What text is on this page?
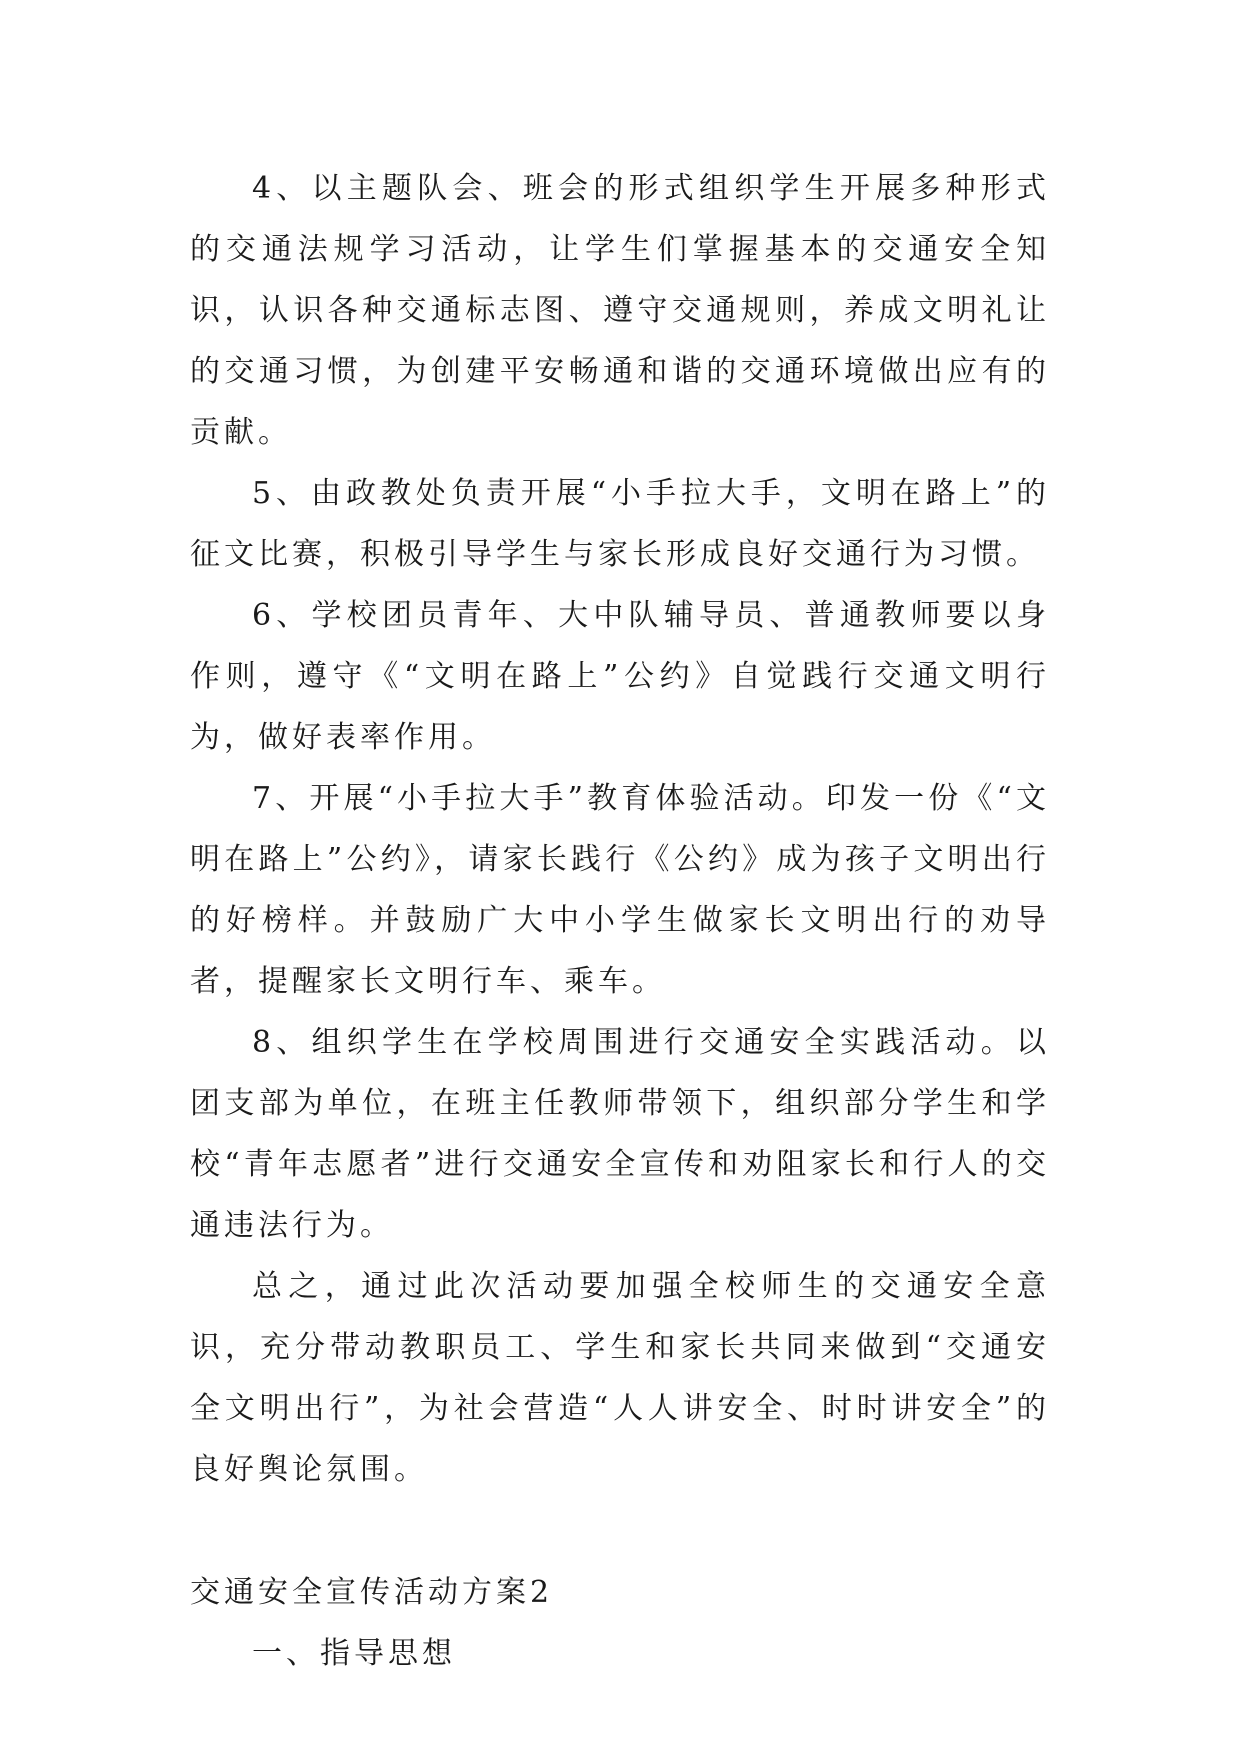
4、以主题队会、班会的形式组织学生开展多种形式的交通法规学习活动，让学生们掌握基本的交通安全知识，认识各种交通标志图、遵守交通规则，养成文明礼让的交通习惯，为创建平安畅通和谐的交通环境做出应有的贡献。

5、由政教处负责开展“小手拉大手，文明在路上”的征文比赛，积极引导学生与家长形成良好交通行为习惯。

6、学校团员青年、大中队辅导员、普通教师要以身作则，遵守《“文明在路上”公约》自觉践行交通文明行为，做好表率作用。

7、开展“小手拉大手”教育体验活动。印发一份《“文明在路上”公约》，请家长践行《公约》成为孩子文明出行的好榜样。并鼓励广大中小学生做家长文明出行的劝导者，提醒家长文明行车、乘车。

8、组织学生在学校周围进行交通安全实践活动。以团支部为单位，在班主任教师带领下，组织部分学生和学校“青年志愿者”进行交通安全宣传和劝阻家长和行人的交通违法行为。

总之，通过此次活动要加强全校师生的交通安全意识，充分带动教职员工、学生和家长共同来做到“交通安全文明出行”，为社会营造“人人讲安全、时时讲安全”的良好舆论氛围。

交通安全宣传活动方案2

一、指导思想
